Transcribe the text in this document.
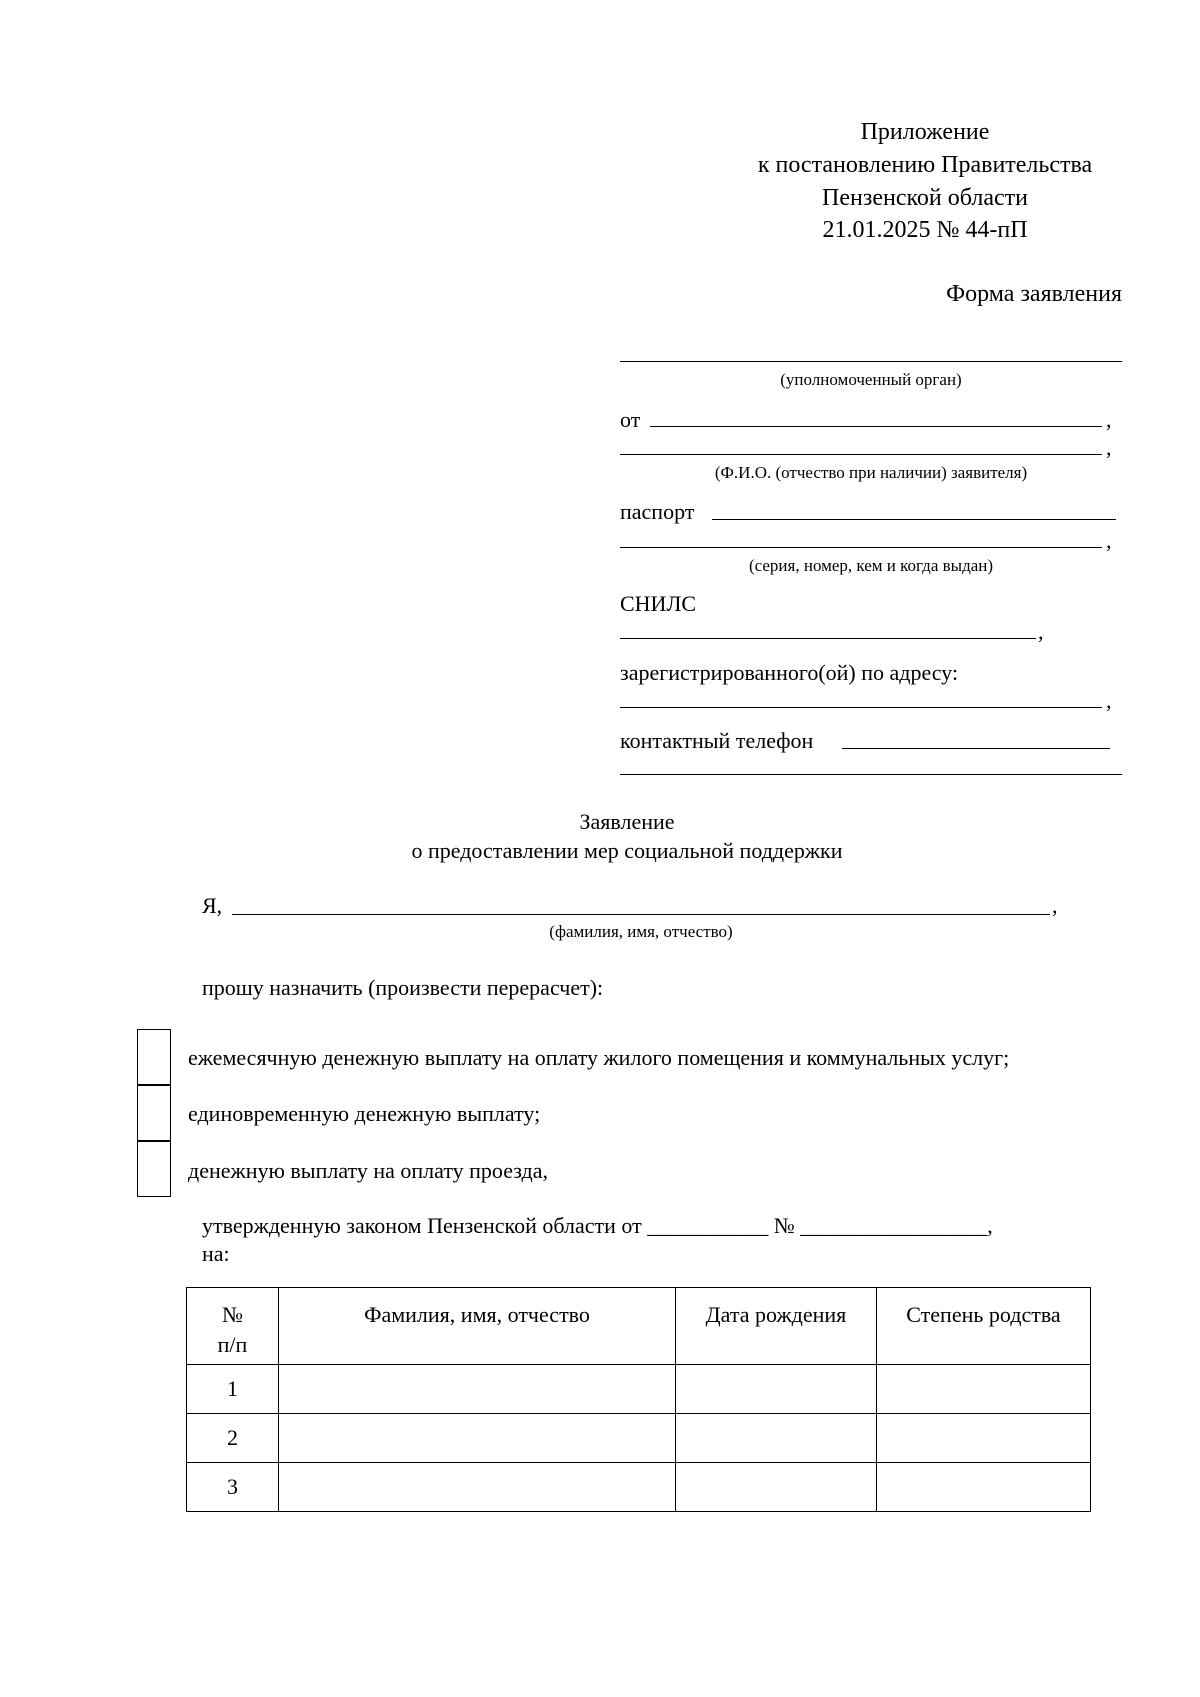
Приложение
к постановлению Правительства
Пензенской области
21.01.2025 № 44-пП
Форма заявления
(уполномоченный орган)
от	,
,
(Ф.И.О. (отчество при наличии) заявителя)
паспорт
,
(серия, номер, кем и когда выдан)
СНИЛС
,
зарегистрированного(ой) по адресу:
,
контактный телефон
Заявление
о предоставлении мер социальной поддержки
Я,	,
(фамилия, имя, отчество)
прошу назначить (произвести перерасчет):
ежемесячную денежную выплату на оплату жилого помещения и коммунальных услуг;
единовременную денежную выплату;
денежную выплату на оплату проезда,
утвержденную законом Пензенской области от ___________ № _________________,
на:
№
п/п	Фамилия, имя, отчество	Дата рождения	Степень родства
1			
2			
3			
